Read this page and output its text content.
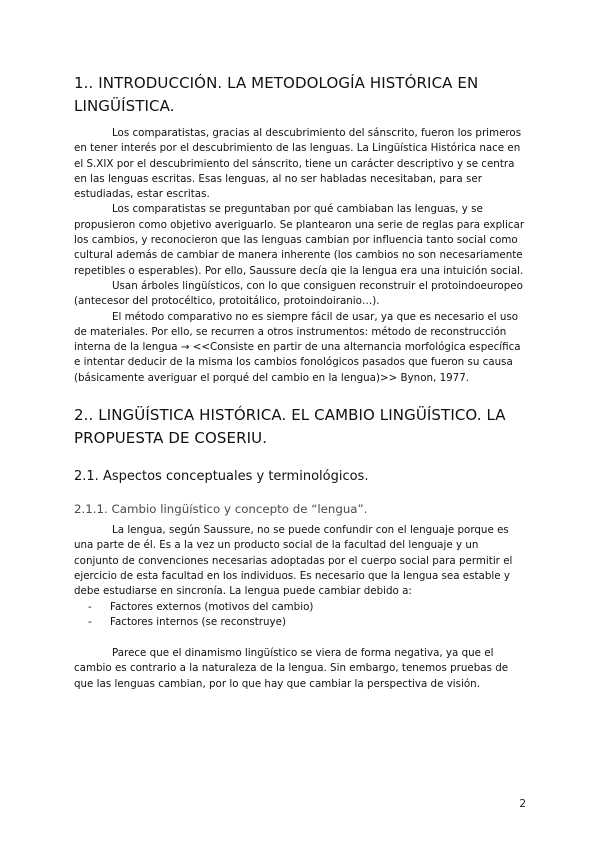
1.. INTRODUCCIÓN. LA METODOLOGÍA HISTÓRICA EN LINGÜÍSTICA.

Los comparatistas, gracias al descubrimiento del sánscrito, fueron los primeros en tener interés por el descubrimiento de las lenguas. La Lingüística Histórica nace en el S.XIX por el descubrimiento del sánscrito, tiene un carácter descriptivo y se centra en las lenguas escritas. Esas lenguas, al no ser habladas necesitaban, para ser estudiadas, estar escritas.

Los comparatistas se preguntaban por qué cambiaban las lenguas, y se propusieron como objetivo averiguarlo. Se plantearon una serie de reglas para explicar los cambios, y reconocieron que las lenguas cambian por influencia tanto social como cultural además de cambiar de manera inherente (los cambios no son necesariamente repetibles o esperables). Por ello, Saussure decía qie la lengua era una intuición social.

Usan árboles lingüísticos, con lo que consiguen reconstruir el protoindoeuropeo (antecesor del protocéltico, protoitálico, protoindoiranio…).

El método comparativo no es siempre fácil de usar, ya que es necesario el uso de materiales. Por ello, se recurren a otros instrumentos: método de reconstrucción interna de la lengua → <<Consiste en partir de una alternancia morfológica específica e intentar deducir de la misma los cambios fonológicos pasados que fueron su causa (básicamente averiguar el porqué del cambio en la lengua)>> Bynon, 1977.

2.. LINGÜÍSTICA HISTÓRICA. EL CAMBIO LINGÜÍSTICO. LA PROPUESTA DE COSERIU.
2.1. Aspectos conceptuales y terminológicos.
2.1.1. Cambio lingüístico y concepto de “lengua”.

La lengua, según Saussure, no se puede confundir con el lenguaje porque es una parte de él. Es a la vez un producto social de la facultad del lenguaje y un conjunto de convenciones necesarias adoptadas por el cuerpo social para permitir el ejercicio de esta facultad en los individuos. Es necesario que la lengua sea estable y debe estudiarse en sincronía. La lengua puede cambiar debido a:

- Factores externos (motivos del cambio)
- Factores internos (se reconstruye)

Parece que el dinamismo lingüístico se viera de forma negativa, ya que el cambio es contrario a la naturaleza de la lengua. Sin embargo, tenemos pruebas de que las lenguas cambian, por lo que hay que cambiar la perspectiva de visión.

2
